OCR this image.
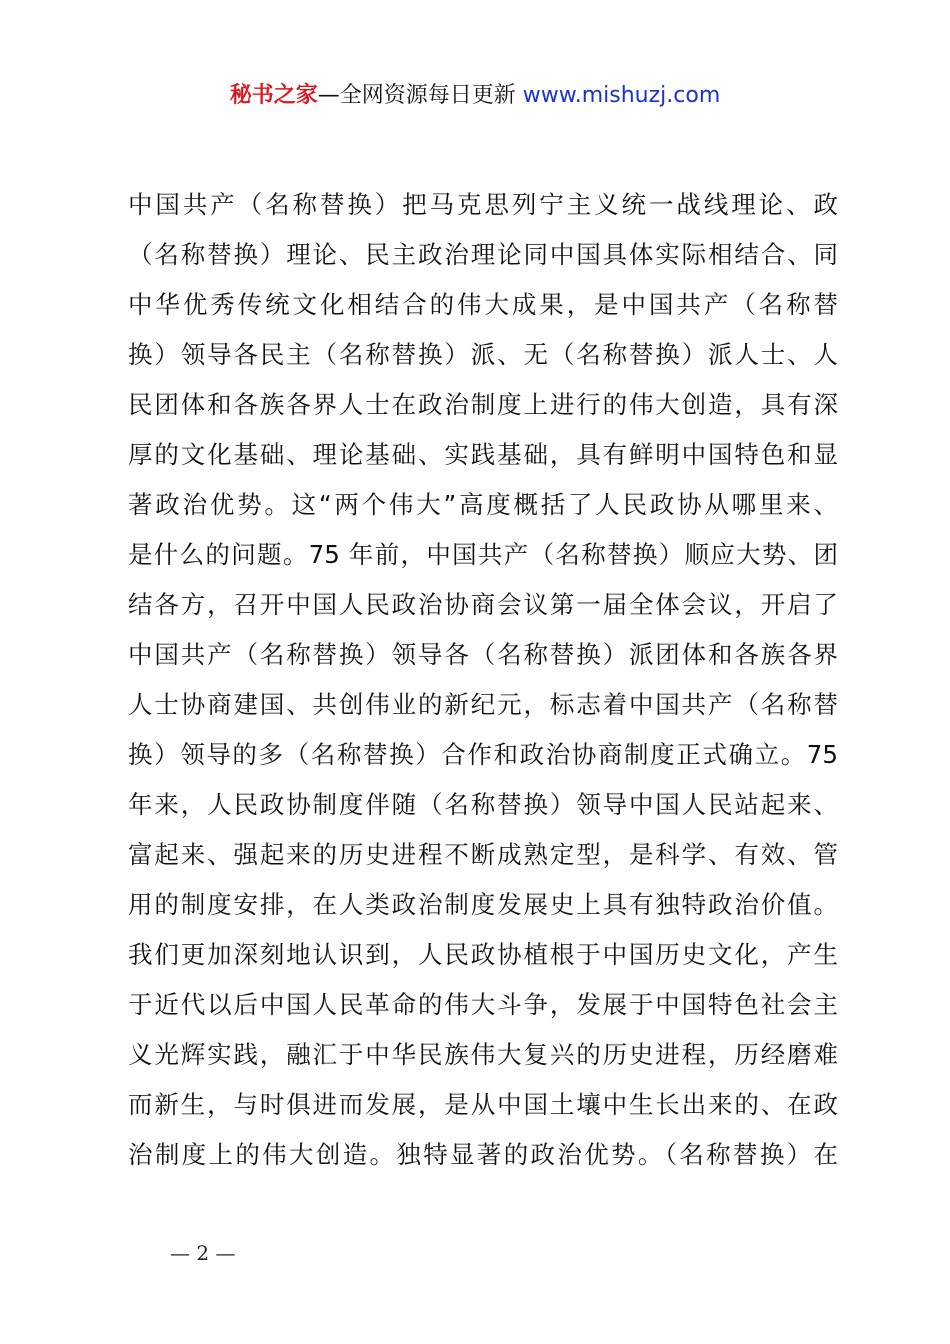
秘书之家—全网资源每日更新 www.mishuzj.com
中国共产（名称替换）把马克思列宁主义统一战线理论、政
（名称替换）理论、民主政治理论同中国具体实际相结合、同
中华优秀传统文化相结合的伟大成果，是中国共产（名称替
换）领导各民主（名称替换）派、无（名称替换）派人士、人
民团体和各族各界人士在政治制度上进行的伟大创造，具有深
厚的文化基础、理论基础、实践基础，具有鲜明中国特色和显
著政治优势。这“两个伟大”高度概括了人民政协从哪里来、
是什么的问题。75 年前，中国共产（名称替换）顺应大势、团
结各方，召开中国人民政治协商会议第一届全体会议，开启了
中国共产（名称替换）领导各（名称替换）派团体和各族各界
人士协商建国、共创伟业的新纪元，标志着中国共产（名称替
换）领导的多（名称替换）合作和政治协商制度正式确立。75
年来，人民政协制度伴随（名称替换）领导中国人民站起来、
富起来、强起来的历史进程不断成熟定型，是科学、有效、管
用的制度安排，在人类政治制度发展史上具有独特政治价值。
我们更加深刻地认识到，人民政协植根于中国历史文化，产生
于近代以后中国人民革命的伟大斗争，发展于中国特色社会主
义光辉实践，融汇于中华民族伟大复兴的历史进程，历经磨难
而新生，与时俱进而发展，是从中国土壤中生长出来的、在政
治制度上的伟大创造。独特显著的政治优势。（名称替换）在
— 2 —
